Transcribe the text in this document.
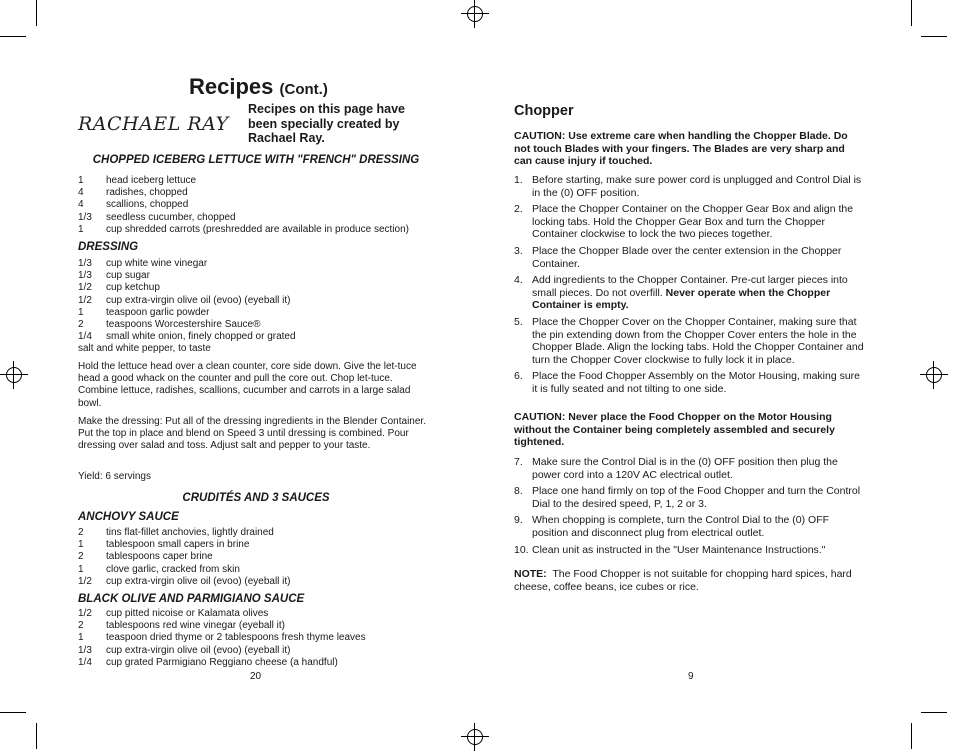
Recipes (Cont.)
RACHAEL RAY
Recipes on this page have been specially created by Rachael Ray.
CHOPPED ICEBERG LETTUCE WITH "FRENCH" DRESSING
1	head iceberg lettuce
4	radishes, chopped
4	scallions, chopped
1/3	seedless cucumber, chopped
1	cup shredded carrots (preshredded are available in produce section)
DRESSING
1/3	cup white wine vinegar
1/3	cup sugar
1/2	cup ketchup
1/2	cup extra-virgin olive oil (evoo) (eyeball it)
1	teaspoon garlic powder
2	teaspoons Worcestershire Sauce®
1/4	small white onion, finely chopped or grated
salt and white pepper, to taste
Hold the lettuce head over a clean counter, core side down. Give the let-tuce head a good whack on the counter and pull the core out. Chop let-tuce. Combine lettuce, radishes, scallions, cucumber and carrots in a large salad bowl.
Make the dressing: Put all of the dressing ingredients in the Blender Container. Put the top in place and blend on Speed 3 until dressing is combined. Pour dressing over salad and toss. Adjust salt and pepper to your taste.
Yield: 6 servings
CRUDITÉS AND 3 SAUCES
ANCHOVY SAUCE
2	tins flat-fillet anchovies, lightly drained
1	tablespoon small capers in brine
2	tablespoons caper brine
1	clove garlic, cracked from skin
1/2	cup extra-virgin olive oil (evoo) (eyeball it)
BLACK OLIVE AND PARMIGIANO SAUCE
1/2	cup pitted nicoise or Kalamata olives
2	tablespoons red wine vinegar (eyeball it)
1	teaspoon dried thyme or 2 tablespoons fresh thyme leaves
1/3	cup extra-virgin olive oil (evoo) (eyeball it)
1/4	cup grated Parmigiano Reggiano cheese (a handful)
20
Chopper
CAUTION: Use extreme care when handling the Chopper Blade. Do not touch Blades with your fingers. The Blades are very sharp and can cause injury if touched.
1. Before starting, make sure power cord is unplugged and Control Dial is in the (0) OFF position.
2. Place the Chopper Container on the Chopper Gear Box and align the locking tabs. Hold the Chopper Gear Box and turn the Chopper Container clockwise to lock the two pieces together.
3. Place the Chopper Blade over the center extension in the Chopper Container.
4. Add ingredients to the Chopper Container. Pre-cut larger pieces into small pieces. Do not overfill. Never operate when the Chopper Container is empty.
5. Place the Chopper Cover on the Chopper Container, making sure that the pin extending down from the Chopper Cover enters the hole in the Chopper Blade. Align the locking tabs. Hold the Chopper Container and turn the Chopper Cover clockwise to fully lock it in place.
6. Place the Food Chopper Assembly on the Motor Housing, making sure it is fully seated and not tilting to one side.
CAUTION: Never place the Food Chopper on the Motor Housing without the Container being completely assembled and securely tightened.
7. Make sure the Control Dial is in the (0) OFF position then plug the power cord into a 120V AC electrical outlet.
8. Place one hand firmly on top of the Food Chopper and turn the Control Dial to the desired speed, P, 1, 2 or 3.
9. When chopping is complete, turn the Control Dial to the (0) OFF position and disconnect plug from electrical outlet.
10. Clean unit as instructed in the "User Maintenance Instructions."
NOTE: The Food Chopper is not suitable for chopping hard spices, hard cheese, coffee beans, ice cubes or rice.
9
